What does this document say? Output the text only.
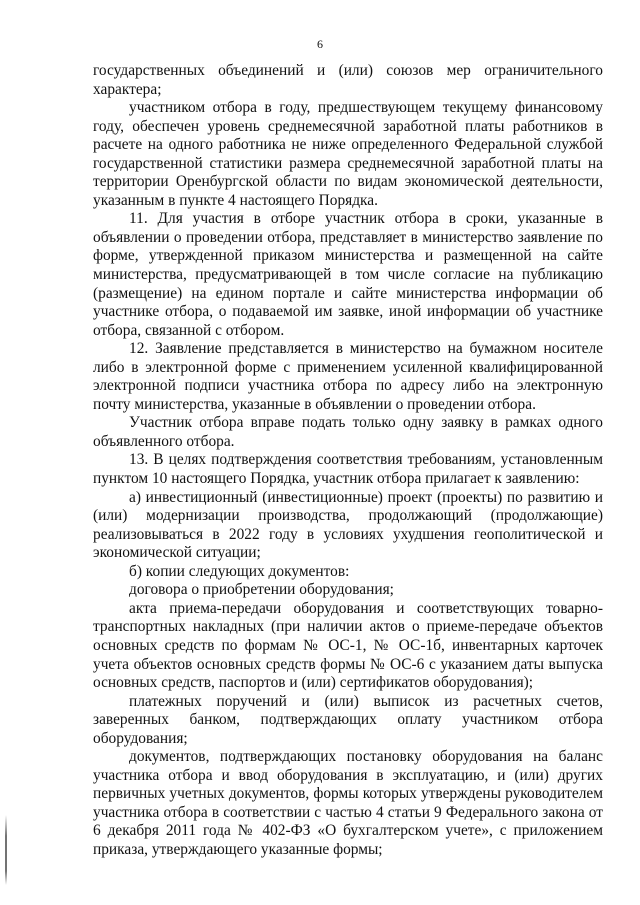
6

государственных объединений и (или) союзов мер ограничительного характера;

участником отбора в году, предшествующем текущему финансовому году, обеспечен уровень среднемесячной заработной платы работников в расчете на одного работника не ниже определенного Федеральной службой государственной статистики размера среднемесячной заработной платы на территории Оренбургской области по видам экономической деятельности, указанным в пункте 4 настоящего Порядка.

11. Для участия в отборе участник отбора в сроки, указанные в объявлении о проведении отбора, представляет в министерство заявление по форме, утвержденной приказом министерства и размещенной на сайте министерства, предусматривающей в том числе согласие на публикацию (размещение) на едином портале и сайте министерства информации об участнике отбора, о подаваемой им заявке, иной информации об участнике отбора, связанной с отбором.

12. Заявление представляется в министерство на бумажном носителе либо в электронной форме с применением усиленной квалифицированной электронной подписи участника отбора по адресу либо на электронную почту министерства, указанные в объявлении о проведении отбора.

Участник отбора вправе подать только одну заявку в рамках одного объявленного отбора.

13. В целях подтверждения соответствия требованиям, установленным пунктом 10 настоящего Порядка, участник отбора прилагает к заявлению:

а) инвестиционный (инвестиционные) проект (проекты) по развитию и (или) модернизации производства, продолжающий (продолжающие) реализовываться в 2022 году в условиях ухудшения геополитической и экономической ситуации;

б) копии следующих документов:

договора о приобретении оборудования;

акта приема-передачи оборудования и соответствующих товарно-транспортных накладных (при наличии актов о приеме-передаче объектов основных средств по формам № ОС-1, № ОС-1б, инвентарных карточек учета объектов основных средств формы № ОС-6 с указанием даты выпуска основных средств, паспортов и (или) сертификатов оборудования);

платежных поручений и (или) выписок из расчетных счетов, заверенных банком, подтверждающих оплату участником отбора оборудования;

документов, подтверждающих постановку оборудования на баланс участника отбора и ввод оборудования в эксплуатацию, и (или) других первичных учетных документов, формы которых утверждены руководителем участника отбора в соответствии с частью 4 статьи 9 Федерального закона от 6 декабря 2011 года № 402-ФЗ «О бухгалтерском учете», с приложением приказа, утверждающего указанные формы;
